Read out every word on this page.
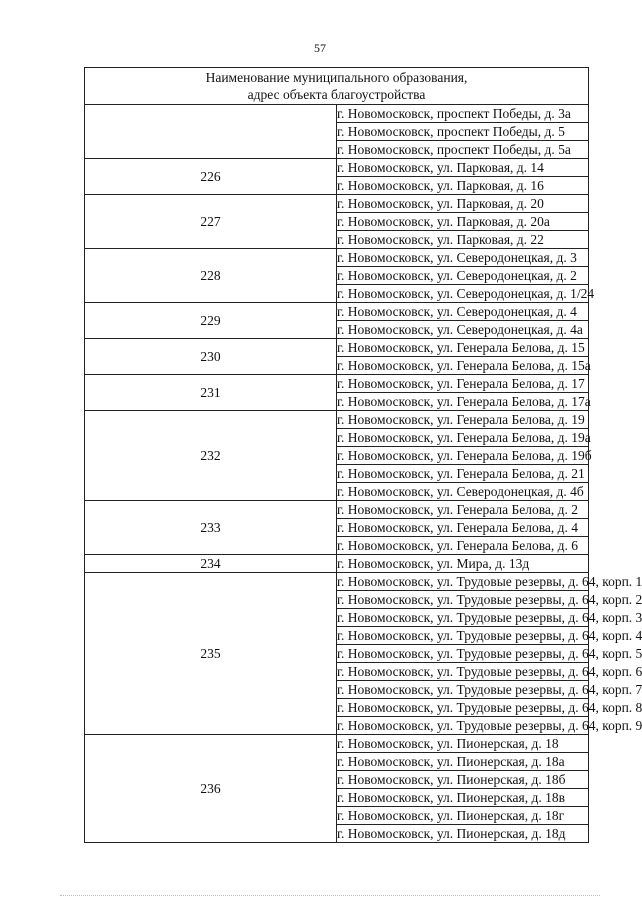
57
Наименование муниципального образования,
адрес объекта благоустройства	

	г. Новомосковск, проспект Победы, д. 3а
	г. Новомосковск, проспект Победы, д. 5
	г. Новомосковск, проспект Победы, д. 5а
226	г. Новомосковск, ул. Парковая, д. 14
	г. Новомосковск, ул. Парковая, д. 16
227	г. Новомосковск, ул. Парковая, д. 20
	г. Новомосковск, ул. Парковая, д. 20а
	г. Новомосковск, ул. Парковая, д. 22
228	г. Новомосковск, ул. Северодонецкая, д. 3
	г. Новомосковск, ул. Северодонецкая, д. 2
	г. Новомосковск, ул. Северодонецкая, д. 1/24
229	г. Новомосковск, ул. Северодонецкая, д. 4
	г. Новомосковск, ул. Северодонецкая, д. 4а
230	г. Новомосковск, ул. Генерала Белова, д. 15
	г. Новомосковск, ул. Генерала Белова, д. 15а
231	г. Новомосковск, ул. Генерала Белова, д. 17
	г. Новомосковск, ул. Генерала Белова, д. 17а
232	г. Новомосковск, ул. Генерала Белова, д. 19
	г. Новомосковск, ул. Генерала Белова, д. 19а
	г. Новомосковск, ул. Генерала Белова, д. 19б
	г. Новомосковск, ул. Генерала Белова, д. 21
	г. Новомосковск, ул. Северодонецкая, д. 4б
233	г. Новомосковск, ул. Генерала Белова, д. 2
	г. Новомосковск, ул. Генерала Белова, д. 4
	г. Новомосковск, ул. Генерала Белова, д. 6
234	г. Новомосковск, ул. Мира, д. 13д
235	г. Новомосковск, ул. Трудовые резервы, д. 64, корп. 1
	г. Новомосковск, ул. Трудовые резервы, д. 64, корп. 2
	г. Новомосковск, ул. Трудовые резервы, д. 64, корп. 3
	г. Новомосковск, ул. Трудовые резервы, д. 64, корп. 4
	г. Новомосковск, ул. Трудовые резервы, д. 64, корп. 5
	г. Новомосковск, ул. Трудовые резервы, д. 64, корп. 6
	г. Новомосковск, ул. Трудовые резервы, д. 64, корп. 7
	г. Новомосковск, ул. Трудовые резервы, д. 64, корп. 8
	г. Новомосковск, ул. Трудовые резервы, д. 64, корп. 9
236	г. Новомосковск, ул. Пионерская, д. 18
	г. Новомосковск, ул. Пионерская, д. 18а
	г. Новомосковск, ул. Пионерская, д. 18б
	г. Новомосковск, ул. Пионерская, д. 18в
	г. Новомосковск, ул. Пионерская, д. 18г
	г. Новомосковск, ул. Пионерская, д. 18д
